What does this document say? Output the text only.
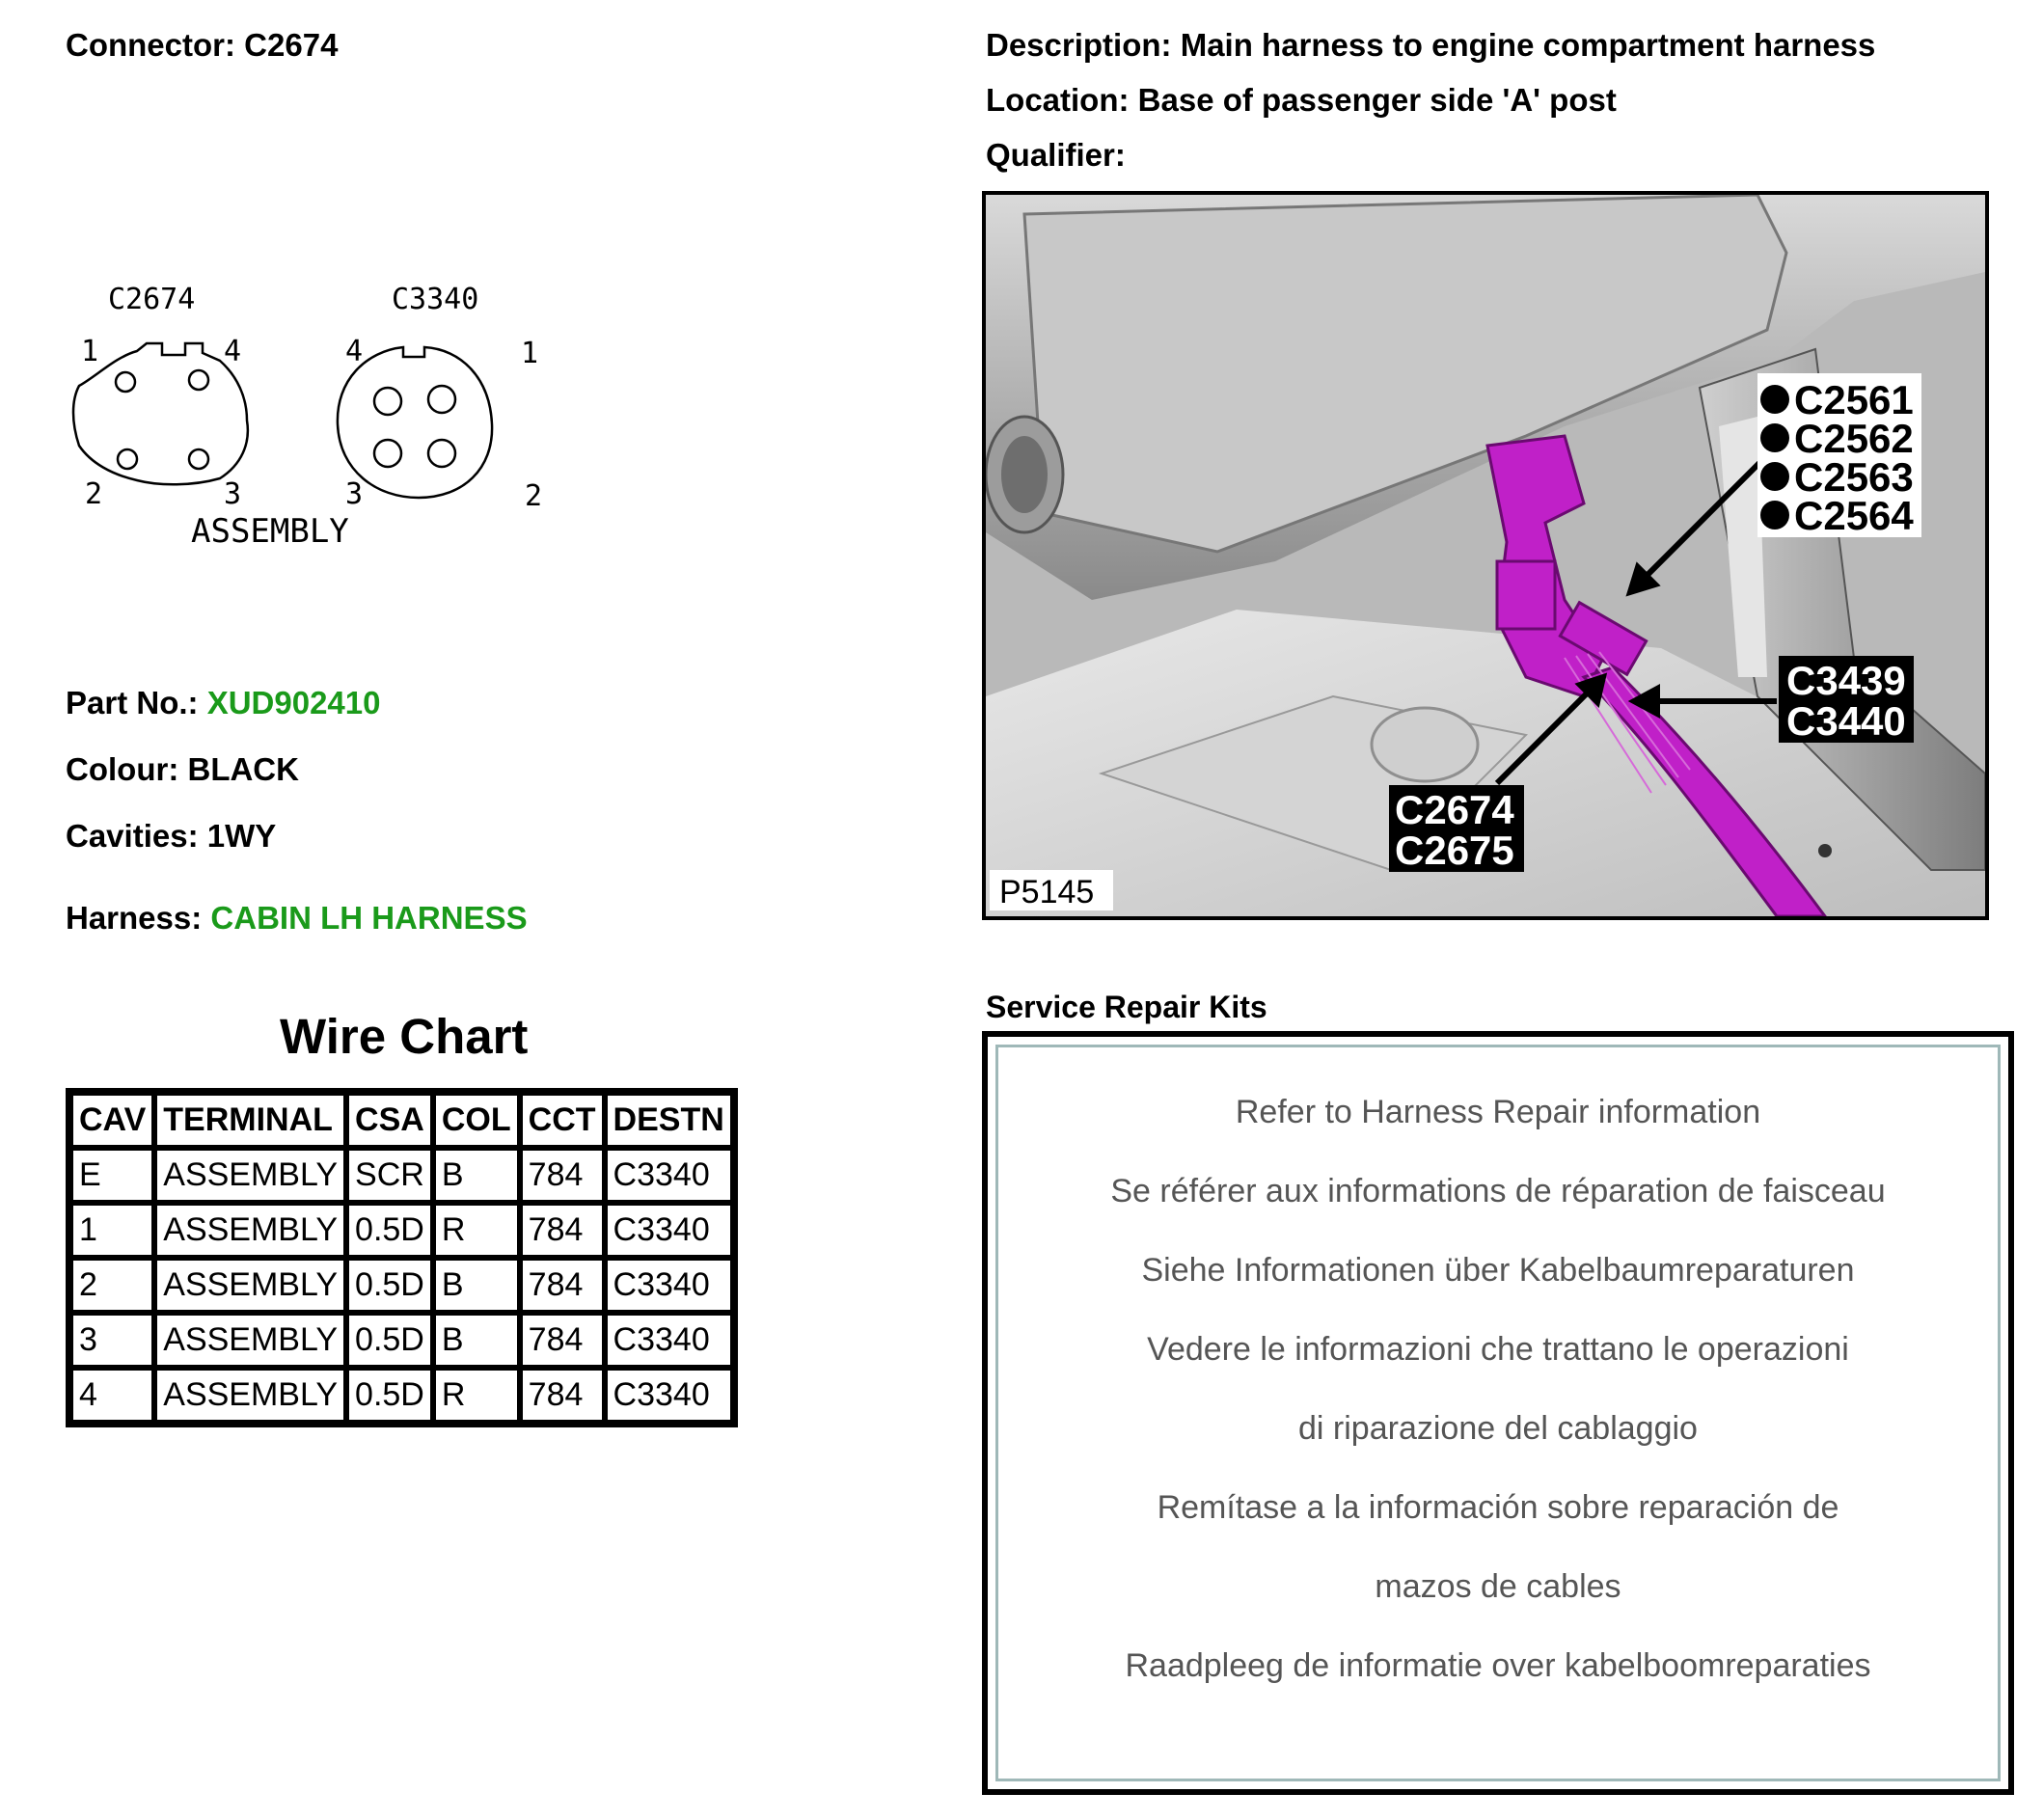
Connector: C2674	Description: Main harness to engine compartment harness
Location: Base of passenger side 'A' post
Qualifier:
C2674	C3340
1	4
2	3
4	1
3	2
ASSEMBLY
Part No.: XUD902410
Colour: BLACK
Cavities: 1WY
Harness: CABIN LH HARNESS
Wire Chart
CAV	TERMINAL	CSA	COL	CCT	DESTN
E	ASSEMBLY	SCR	B	784	C3340
1	ASSEMBLY	0.5D	R	784	C3340
2	ASSEMBLY	0.5D	B	784	C3340
3	ASSEMBLY	0.5D	B	784	C3340
4	ASSEMBLY	0.5D	R	784	C3340
C2561
C2562
C2563
C2564
C3439
C3440
C2674
C2675
P5145
Service Repair Kits
Refer to Harness Repair information
Se référer aux informations de réparation de faisceau
Siehe Informationen über Kabelbaumreparaturen
Vedere le informazioni che trattano le operazioni
di riparazione del cablaggio
Remítase a la información sobre reparación de
mazos de cables
Raadpleeg de informatie over kabelboomreparaties
